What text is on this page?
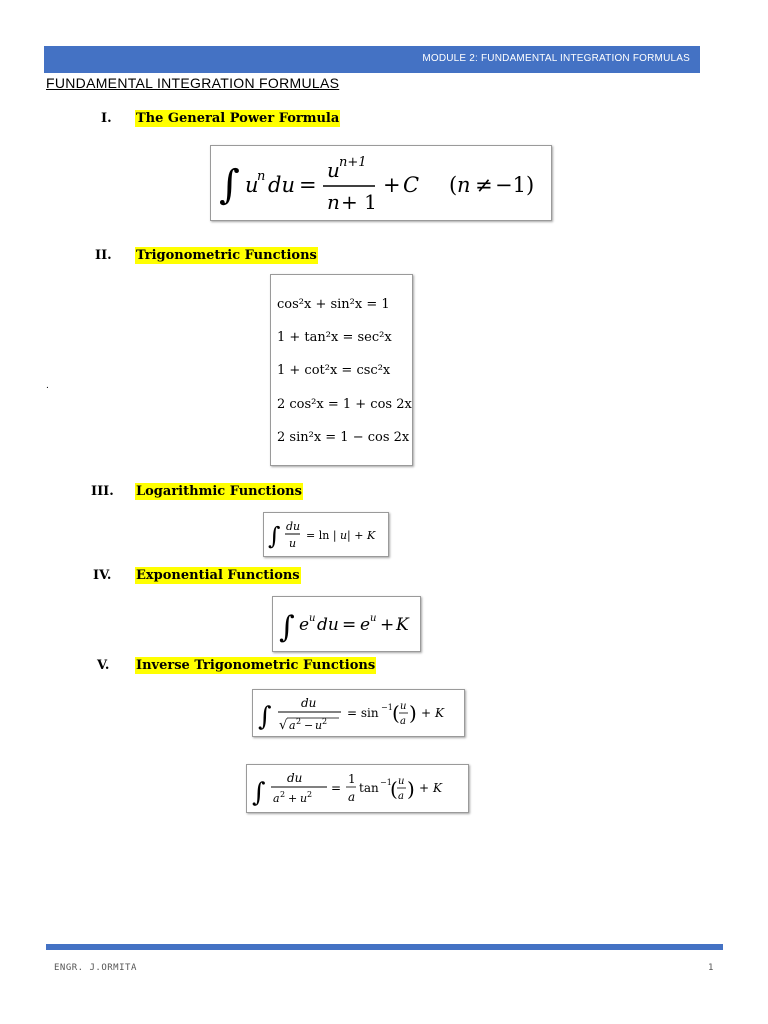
MODULE 2: FUNDAMENTAL INTEGRATION FORMULAS
FUNDAMENTAL INTEGRATION FORMULAS
I. The General Power Formula
∫ u
n du =
u n+1
n + 1
+ C ( n ≠ −1)
∫ uⁿ du = uⁿ⁺¹ / (n + 1) + C (n ≠ −1)
II. Trigonometric Functions
.
cos²x + sin²x = 1
1 + tan²x = sec²x
1 + cot²x = csc²x
2 cos²x = 1 + cos 2x
2 sin²x = 1 − cos 2x
III. Logarithmic Functions
∫ du
u
= ln | u | + K
∫ du/u = ln |u| + K
IV. Exponential Functions
∫ e u du = e u + K
∫ eᵘ du = eᵘ + K
V. Inverse Trigonometric Functions
∫ du
√ a 2 − u 2
= sin −1 ( u
a ) + K
∫ du/√(a² − u²) = sin⁻¹(u/a) + K
∫ du
a 2 + u 2 =
1
a
tan −1
( u
a ) + K
∫ du/(a² + u²) = (1/a) tan⁻¹(u/a) + K
ENGR. J.ORMITA	1
